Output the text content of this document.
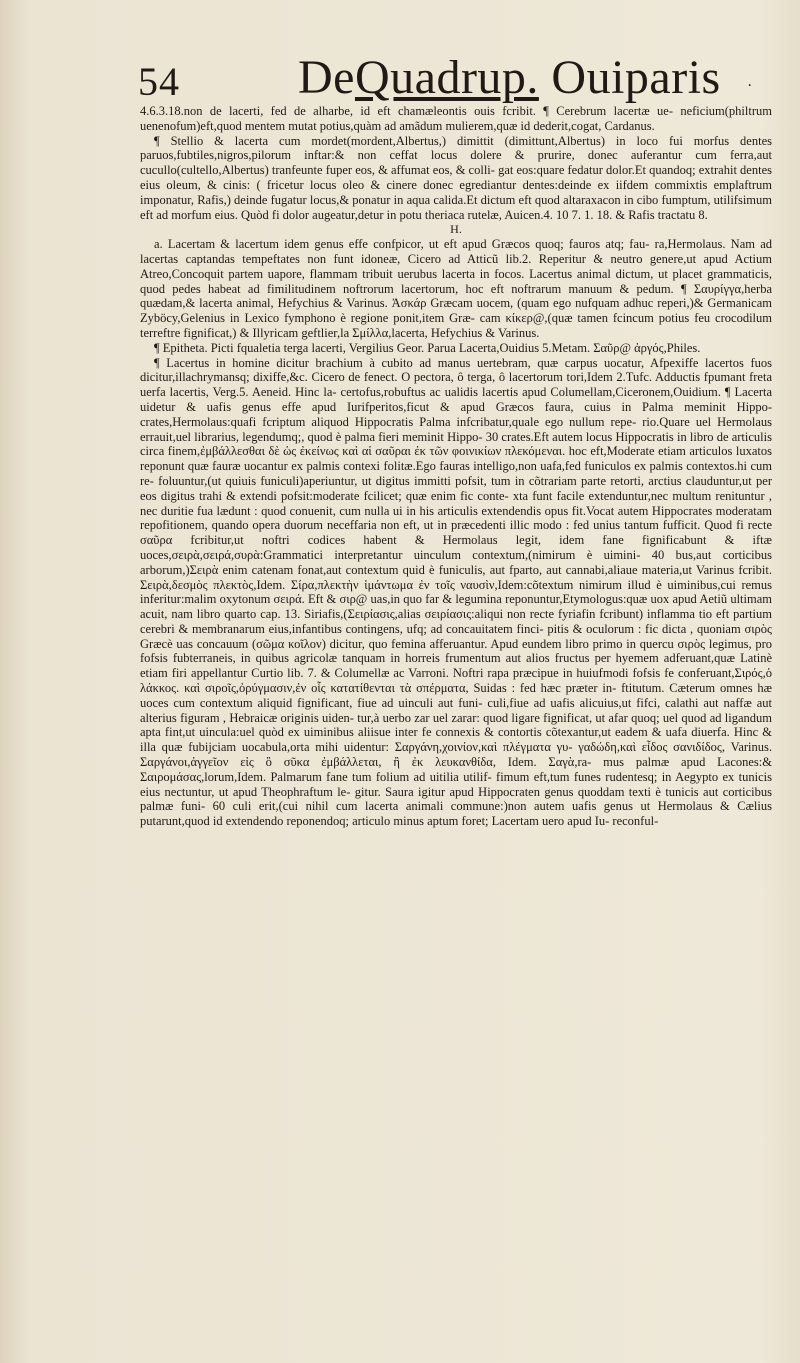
54 DeQuadrup. Ouiparis ·

4.6.3.18.non de lacerti, fed de alharbe, id eft chamæleontis ouis fcribit. ¶ Cerebrum lacertæ ue- neficium(philtrum uenenofum)eft,quod mentem mutat potius,quàm ad amãdum mulierem,quæ id dederit,cogat, Cardanus.

¶ Stellio & lacerta cum mordet(mordent,Albertus,) dimittit (dimittunt,Albertus) in loco fui morfus dentes paruos,fubtiles,nigros,pilorum inftar:& non ceffat locus dolere & prurire, donec auferantur cum ferra,aut cucullo(cultello,Albertus) tranfeunte fuper eos, & affumat eos, & colli- gat eos:quare fedatur dolor.Et quandoq; extrahit dentes eius oleum, & cinis: ( fricetur locus oleo & cinere donec egrediantur dentes:deinde ex iifdem commixtis emplaftrum imponatur, Rafis,) deinde fugatur locus,& ponatur in aqua calida.Et dictum eft quod altaraxacon in cibo fumptum, utilifsimum eft ad morfum eius. Quòd fi dolor augeatur,detur in potu theriaca rutelæ, Auicen.4. 10 7. 1. 18. & Rafis tractatu 8.

H.

a. Lacertam & lacertum idem genus effe confpicor, ut eft apud Græcos quoq; fauros atq; fau- ra,Hermolaus. Nam ad lacertas captandas tempeftates non funt idoneæ, Cicero ad Atticũ lib.2. Reperitur & neutro genere,ut apud Actium Atreo,Concoquit partem uapore, flammam tribuit uerubus lacerta in focos. Lacertus animal dictum, ut placet grammaticis, quod pedes habeat ad fimilitudinem noftrorum lacertorum, hoc eft noftrarum manuum & pedum. ¶ Σαυρίγγα,herba quædam,& lacerta animal, Hefychius & Varinus. Ἀσκάρ Græcam uocem, (quam ego nufquam adhuc reperi,)& Germanicam Zyböcy,Gelenius in Lexico fymphono è regione ponit,item Græ- cam κίκερ@,(quæ tamen fcincum potius feu crocodilum terreftre fignificat,) & Illyricam geftlier,la Σμίλλα,lacerta, Hefychius & Varinus.

¶ Epitheta. Picti fqualetia terga lacerti, Vergilius Geor. Parua Lacerta,Ouidius 5.Metam. Σαῦρ@ ἀργός,Philes.

¶ Lacertus in homine dicitur brachium à cubito ad manus uertebram, quæ carpus uocatur, Afpexiffe lacertos fuos dicitur,illachrymansq; dixiffe,&c. Cicero de fenect. O pectora, ô terga, ô lacertorum tori,Idem 2.Tufc. Adductis fpumant freta uerfa lacertis, Verg.5. Aeneid. Hinc la- certofus,robuftus ac ualidis lacertis apud Columellam,Ciceronem,Ouidium. ¶ Lacerta uidetur & uafis genus effe apud Iurifperitos,ficut & apud Græcos faura, cuius in Palma meminit Hippo- crates,Hermolaus:quafi fcriptum aliquod Hippocratis Palma infcribatur,quale ego nullum repe- rio.Quare uel Hermolaus errauit,uel librarius, legendumq;, quod è palma fieri meminit Hippo- 30 crates.Eft autem locus Hippocratis in libro de articulis circa finem,ἐμβάλλεσθαι δὲ ὡς ἐκείνως καὶ αἱ σαῦραι ἐκ τῶν φοινικίων πλεκόμεναι. hoc eft,Moderate etiam articulos luxatos reponunt quæ fauræ uocantur ex palmis contexi folitæ.Ego fauras intelligo,non uafa,fed funiculos ex palmis contextos.hi cum re- foluuntur,(ut quiuis funiculi)aperiuntur, ut digitus immitti pofsit, tum in cõtrariam parte retorti, arctius clauduntur,ut per eos digitus trahi & extendi pofsit:moderate fcilicet; quæ enim fic conte- xta funt facile extenduntur,nec multum renituntur , nec duritie fua lædunt : quod conuenit, cum nulla ui in his articulis extendendis opus fit.Vocat autem Hippocrates moderatam repofitionem, quando opera duorum neceffaria non eft, ut in præcedenti illic modo : fed unius tantum fufficit. Quod fi recte σαῦρα fcribitur,ut noftri codices habent & Hermolaus legit, idem fane fignificabunt & iftæ uoces,σειρὰ,σειρά,συρὰ:Grammatici interpretantur uinculum contextum,(nimirum è uimini- 40 bus,aut corticibus arborum,)Σειρὰ enim catenam fonat,aut contextum quid è funiculis, aut fparto, aut cannabi,aliaue materia,ut Varinus fcribit. Σειρὰ,δεσμὸς πλεκτὸς,Idem. Σίρα,πλεκτὴν ἱμάντωμα ἐν τοῖς ναυσὶν,Idem:cõtextum nimirum illud è uiminibus,cui remus inferitur:malim oxytonum σειρά. Eft & σιρ@ uas,in quo far & legumina reponuntur,Etymologus:quæ uox apud Aetiũ ultimam acuit, nam libro quarto cap. 13. Siriafis,(Σειρίασις,alias σειρίασις:aliqui non recte fyriafin fcribunt) inflamma tio eft partium cerebri & membranarum eius,infantibus contingens, ufq; ad concauitatem finci- pitis & oculorum : fic dicta , quoniam σιρὸς Græcè uas concauum (σῶμα κοῖλον) dicitur, quo femina afferuantur. Apud eundem libro primo in quercu σιρὸς legimus, pro fofsis fubterraneis, in quibus agricolæ tanquam in horreis frumentum aut alios fructus per hyemem adferuant,quæ Latinè etiam firi appellantur Curtio lib. 7. & Columellæ ac Varroni. Noftri rapa præcipue in huiufmodi fofsis fe conferuant,Σιρός,ὁ λάκκος. καὶ σιροῖς,ὀρύγμασιν,ἐν οἷς κατατίθενται τὰ σπέρματα, Suidas : fed hæc præter in- ftitutum. Cæterum omnes hæ uoces cum contextum aliquid fignificant, fiue ad uinculi aut funi- culi,fiue ad uafis alicuius,ut fifci, calathi aut naffæ aut alterius figuram , Hebraicæ originis uiden- tur,à uerbo zar uel zarar: quod ligare fignificat, ut afar quoq; uel quod ad ligandum apta fint,ut uincula:uel quòd ex uiminibus aliisue inter fe connexis & contortis cõtexantur,ut eadem & uafa diuerfa. Hinc & illa quæ fubijciam uocabula,orta mihi uidentur: Σαργάνη,χοινίον,καὶ πλέγματα γυ- γαδώδη,καὶ εἶδος σανιδίδος, Varinus. Σαργάνοι,ἀγγεῖον εἰς ὃ σῦκα ἐμβάλλεται, ἢ ἐκ λευκανθίδα, Idem. Σαγὰ,ra- mus palmæ apud Lacones:& Σαιρομάσας,lorum,Idem. Palmarum fane tum folium ad uitilia utilif- fimum eft,tum funes rudentesq; in Aegypto ex tunicis eius nectuntur, ut apud Theophraftum le- gitur. Saura igitur apud Hippocraten genus quoddam texti è tunicis aut corticibus palmæ funi- 60 culi erit,(cui nihil cum lacerta animali commune:)non autem uafis genus ut Hermolaus & Cælius putarunt,quod id extendendo reponendoq; articulo minus aptum foret; Lacertam uero apud Iu- reconful-
